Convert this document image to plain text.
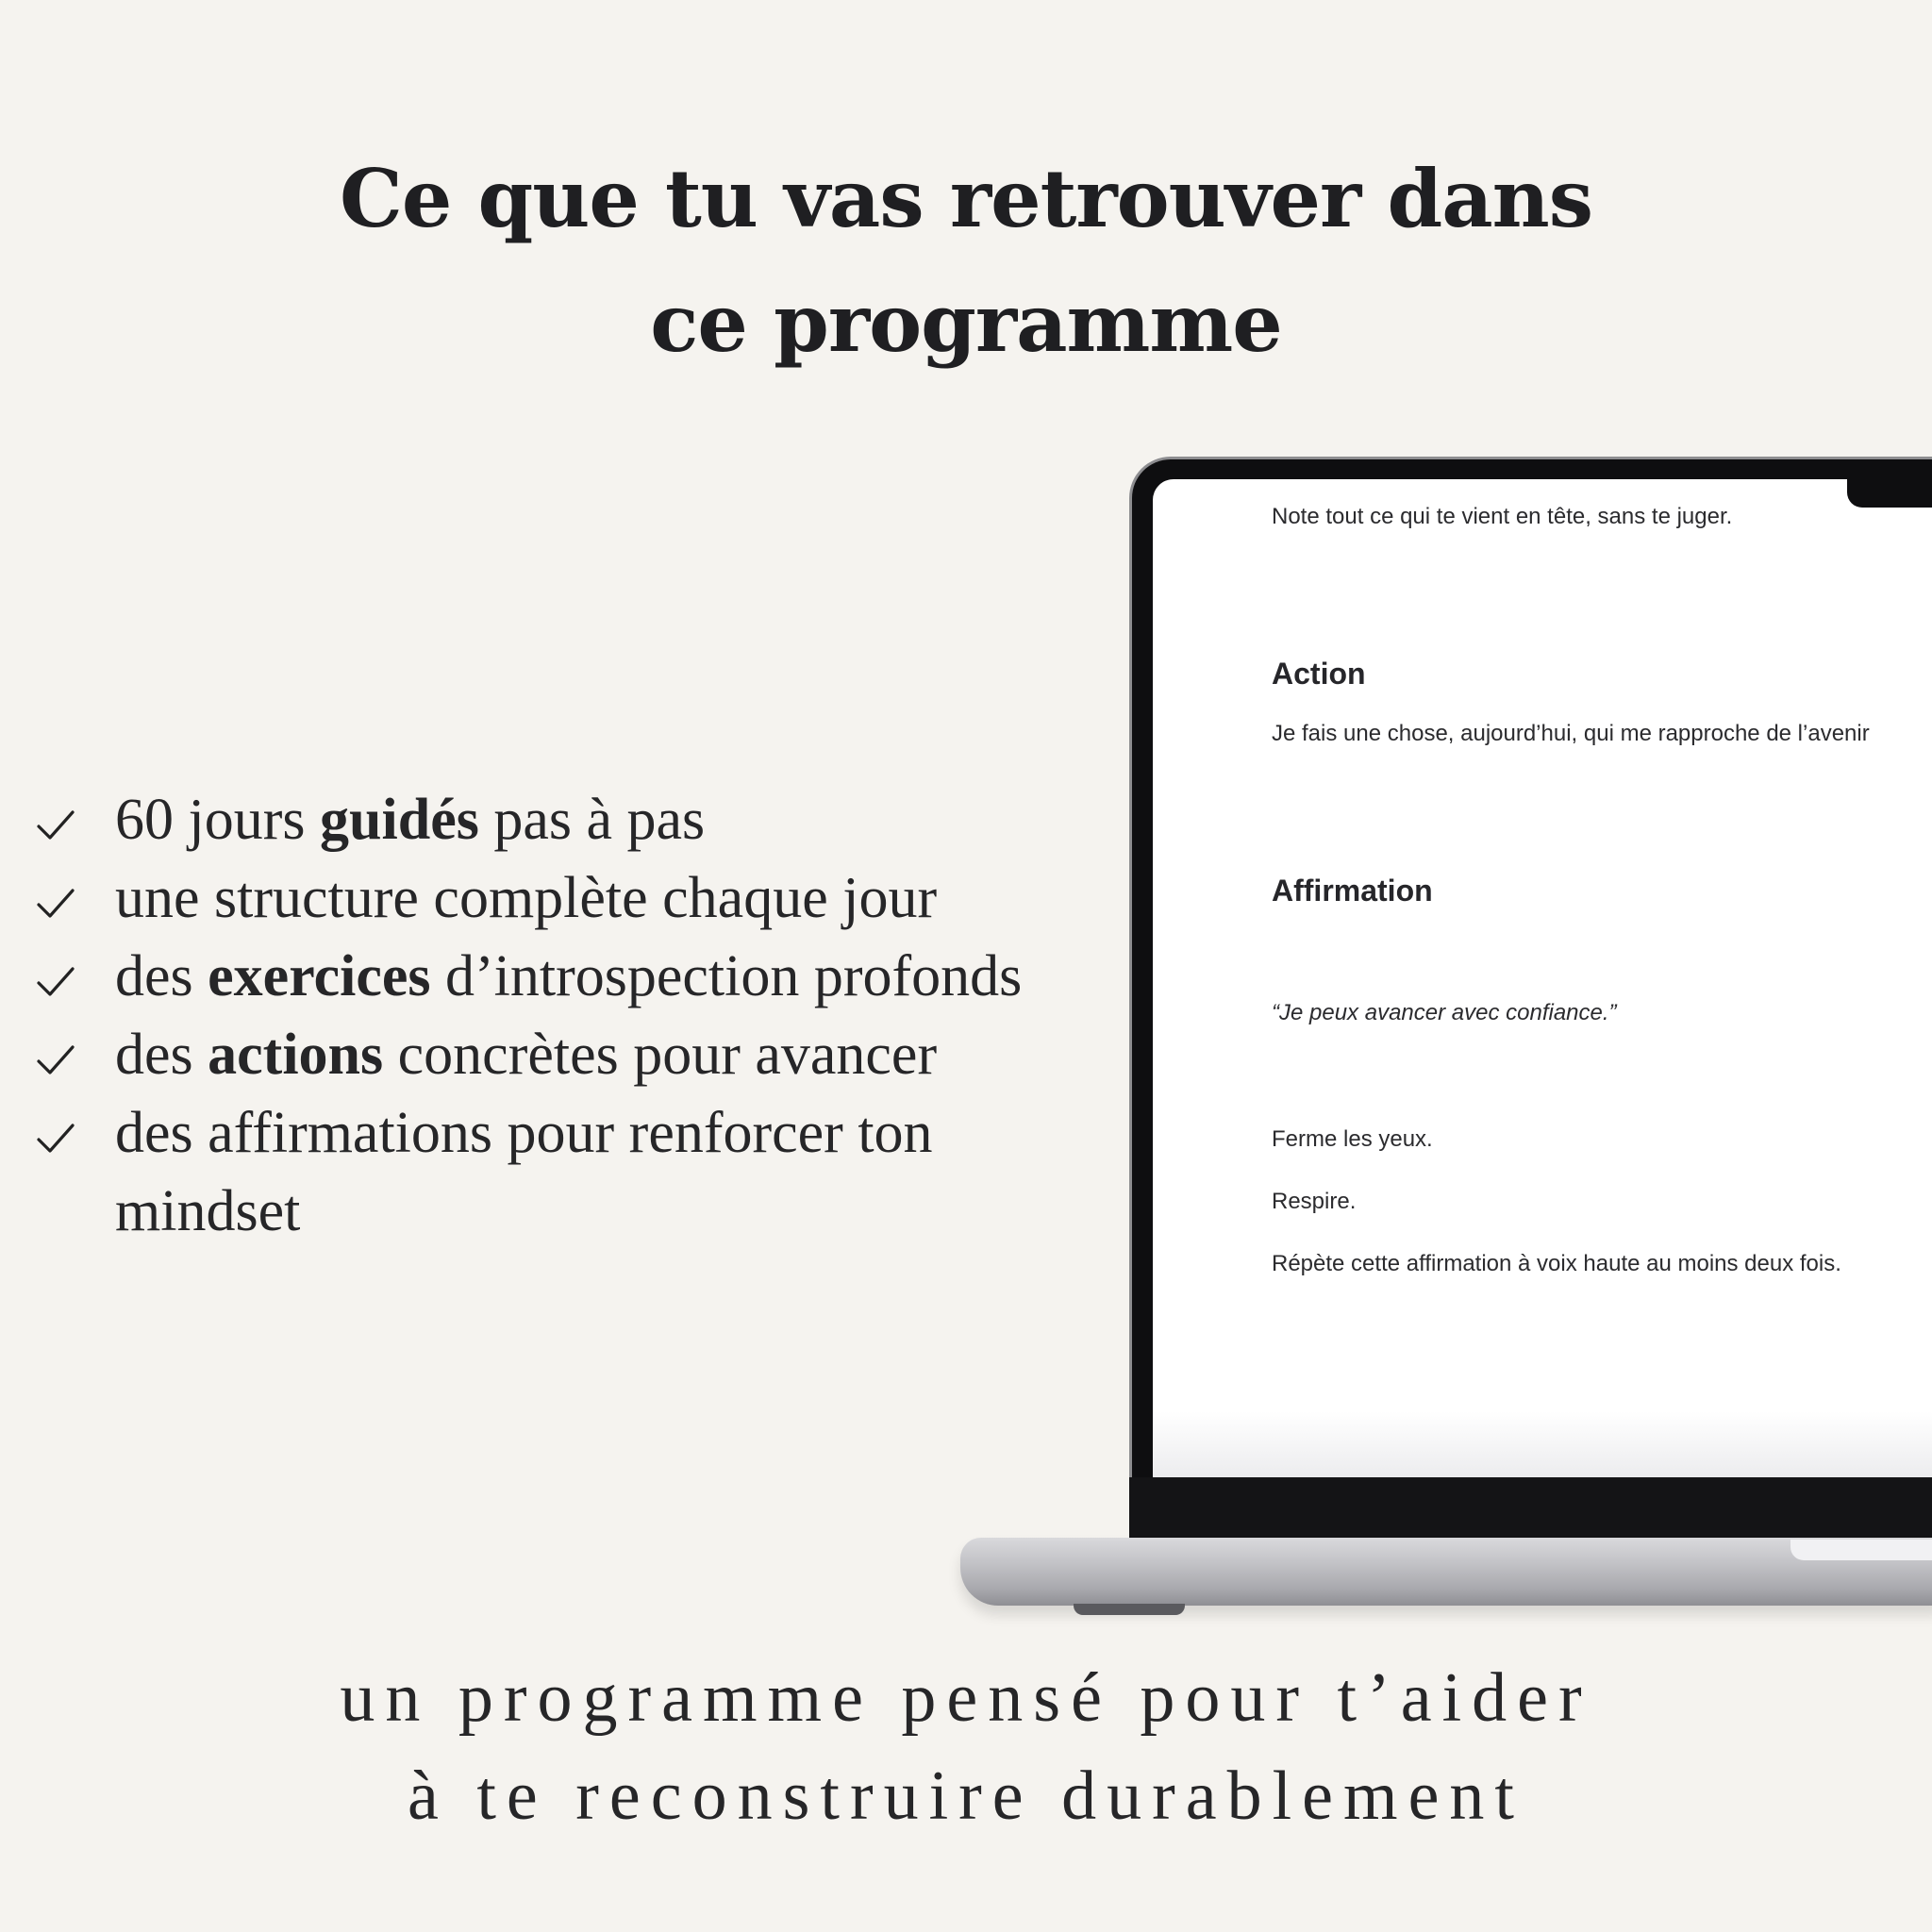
Ce que tu vas retrouver dans
ce programme
60 jours guidés pas à pas
une structure complète chaque jour
des exercices d’introspection profonds
des actions concrètes pour avancer
des affirmations pour renforcer ton mindset
Note tout ce qui te vient en tête, sans te juger.
Action
Je fais une chose, aujourd’hui, qui me rapproche de l’avenir
Affirmation
“Je peux avancer avec confiance.”
Ferme les yeux.
Respire.
Répète cette affirmation à voix haute au moins deux fois.
un programme pensé pour t’aider
à te reconstruire durablement
